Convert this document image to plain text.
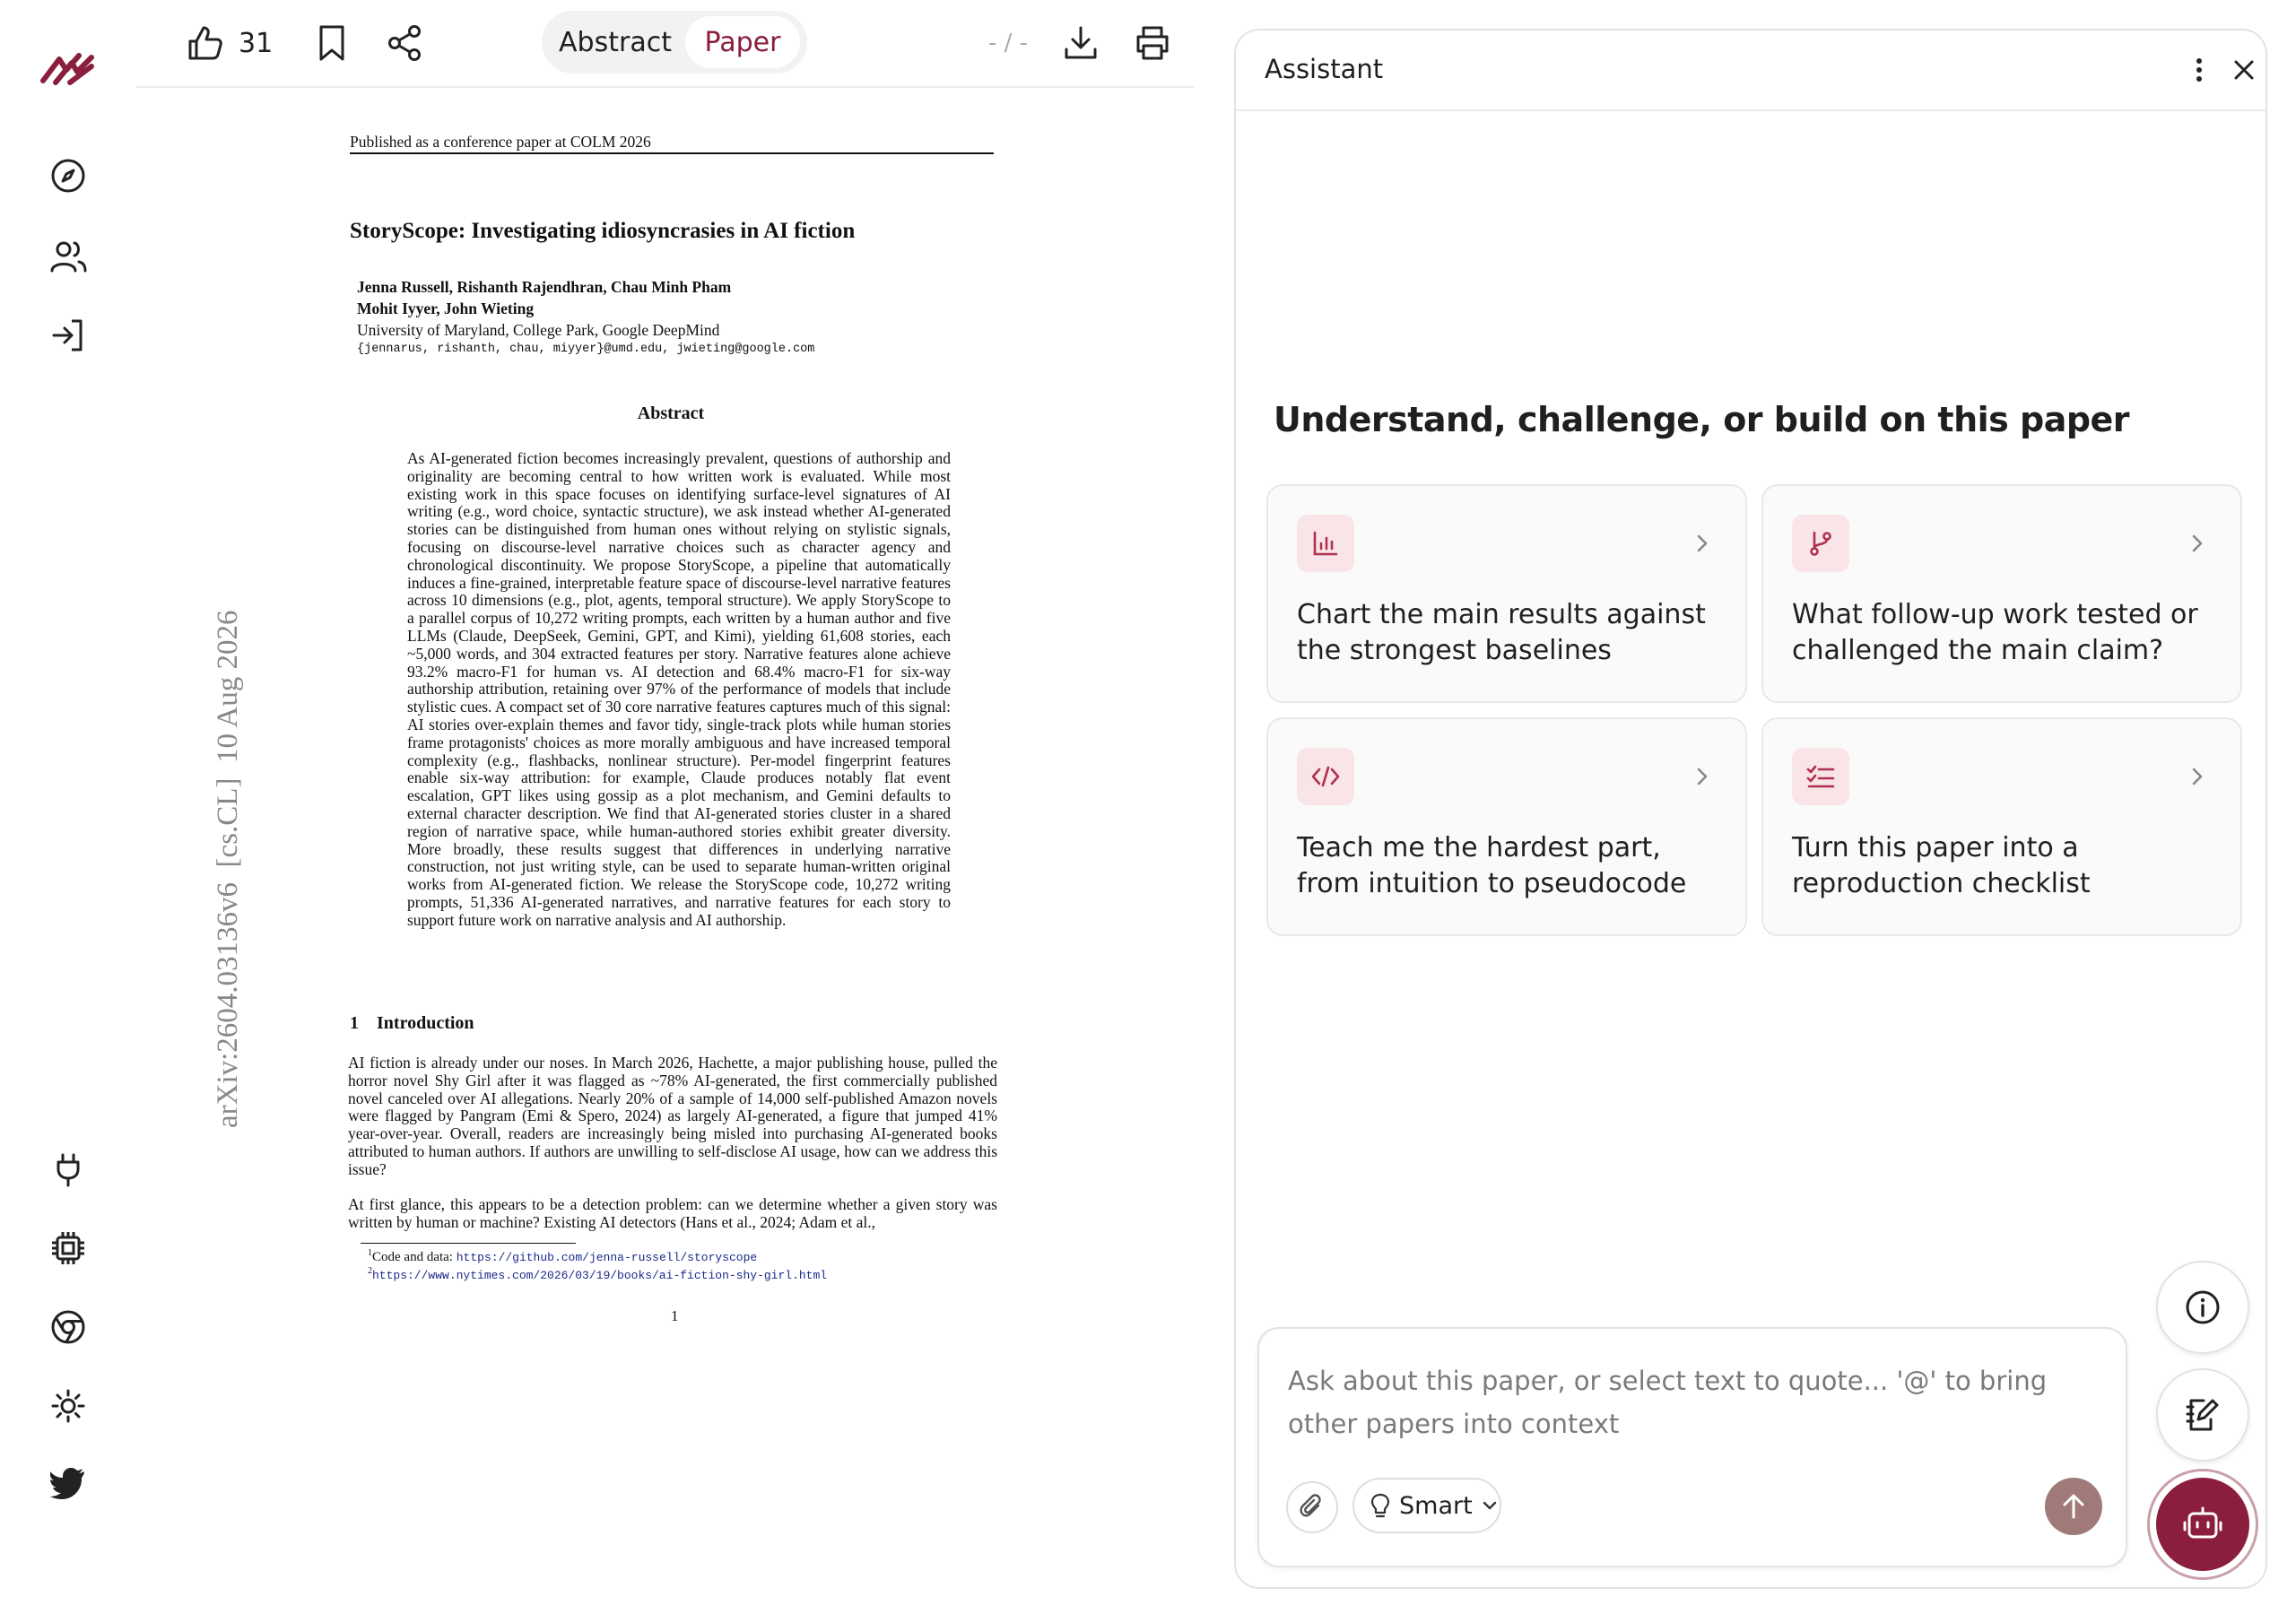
31	Abstract	Paper	- / -
Published as a conference paper at COLM 2026
StoryScope: Investigating idiosyncrasies in AI fiction
Jenna Russell, Rishanth Rajendhran, Chau Minh Pham
Mohit Iyyer, John Wieting
University of Maryland, College Park, Google DeepMind
{jennarus, rishanth, chau, miyyer}@umd.edu, jwieting@google.com
Abstract
As AI-generated fiction becomes increasingly prevalent, questions of authorship and originality are becoming central to how written work is evaluated. While most existing work in this space focuses on identifying surface-level signatures of AI writing (e.g., word choice, syntactic structure), we ask instead whether AI-generated stories can be distinguished from human ones without relying on stylistic signals, focusing on discourse-level narrative choices such as character agency and chronological discontinuity. We propose StoryScope, a pipeline that automatically induces a fine-grained, interpretable feature space of discourse-level narrative features across 10 dimensions (e.g., plot, agents, temporal structure). We apply StoryScope to a parallel corpus of 10,272 writing prompts, each written by a human author and five LLMs (Claude, DeepSeek, Gemini, GPT, and Kimi), yielding 61,608 stories, each ~5,000 words, and 304 extracted features per story. Narrative features alone achieve 93.2% macro-F1 for human vs. AI detection and 68.4% macro-F1 for six-way authorship attribution, retaining over 97% of the performance of models that include stylistic cues. A compact set of 30 core narrative features captures much of this signal: AI stories over-explain themes and favor tidy, single-track plots while human stories frame protagonists' choices as more morally ambiguous and have increased temporal complexity (e.g., flashbacks, nonlinear structure). Per-model fingerprint features enable six-way attribution: for example, Claude produces notably flat event escalation, GPT likes using gossip as a plot mechanism, and Gemini defaults to external character description. We find that AI-generated stories cluster in a shared region of narrative space, while human-authored stories exhibit greater diversity. More broadly, these results suggest that differences in underlying narrative construction, not just writing style, can be used to separate human-written original works from AI-generated fiction. We release the StoryScope code, 10,272 writing prompts, 51,336 AI-generated narratives, and narrative features for each story to support future work on narrative analysis and AI authorship.
1    Introduction
AI fiction is already under our noses. In March 2026, Hachette, a major publishing house, pulled the horror novel Shy Girl after it was flagged as ~78% AI-generated, the first commercially published novel canceled over AI allegations. Nearly 20% of a sample of 14,000 self-published Amazon novels were flagged by Pangram (Emi & Spero, 2024) as largely AI-generated, a figure that jumped 41% year-over-year. Overall, readers are increasingly being misled into purchasing AI-generated books attributed to human authors. If authors are unwilling to self-disclose AI usage, how can we address this issue?
At first glance, this appears to be a detection problem: can we determine whether a given story was written by human or machine? Existing AI detectors (Hans et al., 2024; Adam et al.,
$^1$Code and data: https://github.com/jenna-russell/storyscope
$^2$https://www.nytimes.com/2026/03/19/books/ai-fiction-shy-girl.html
1
arXiv:2604.03136v6  [cs.CL]  10 Aug 2026
Assistant
Understand, challenge, or build on this paper
Chart the main results against the strongest baselines
What follow-up work tested or challenged the main claim?
Teach me the hardest part, from intuition to pseudocode
Turn this paper into a reproduction checklist
Ask about this paper, or select text to quote... '@' to bring other papers into context
Smart
